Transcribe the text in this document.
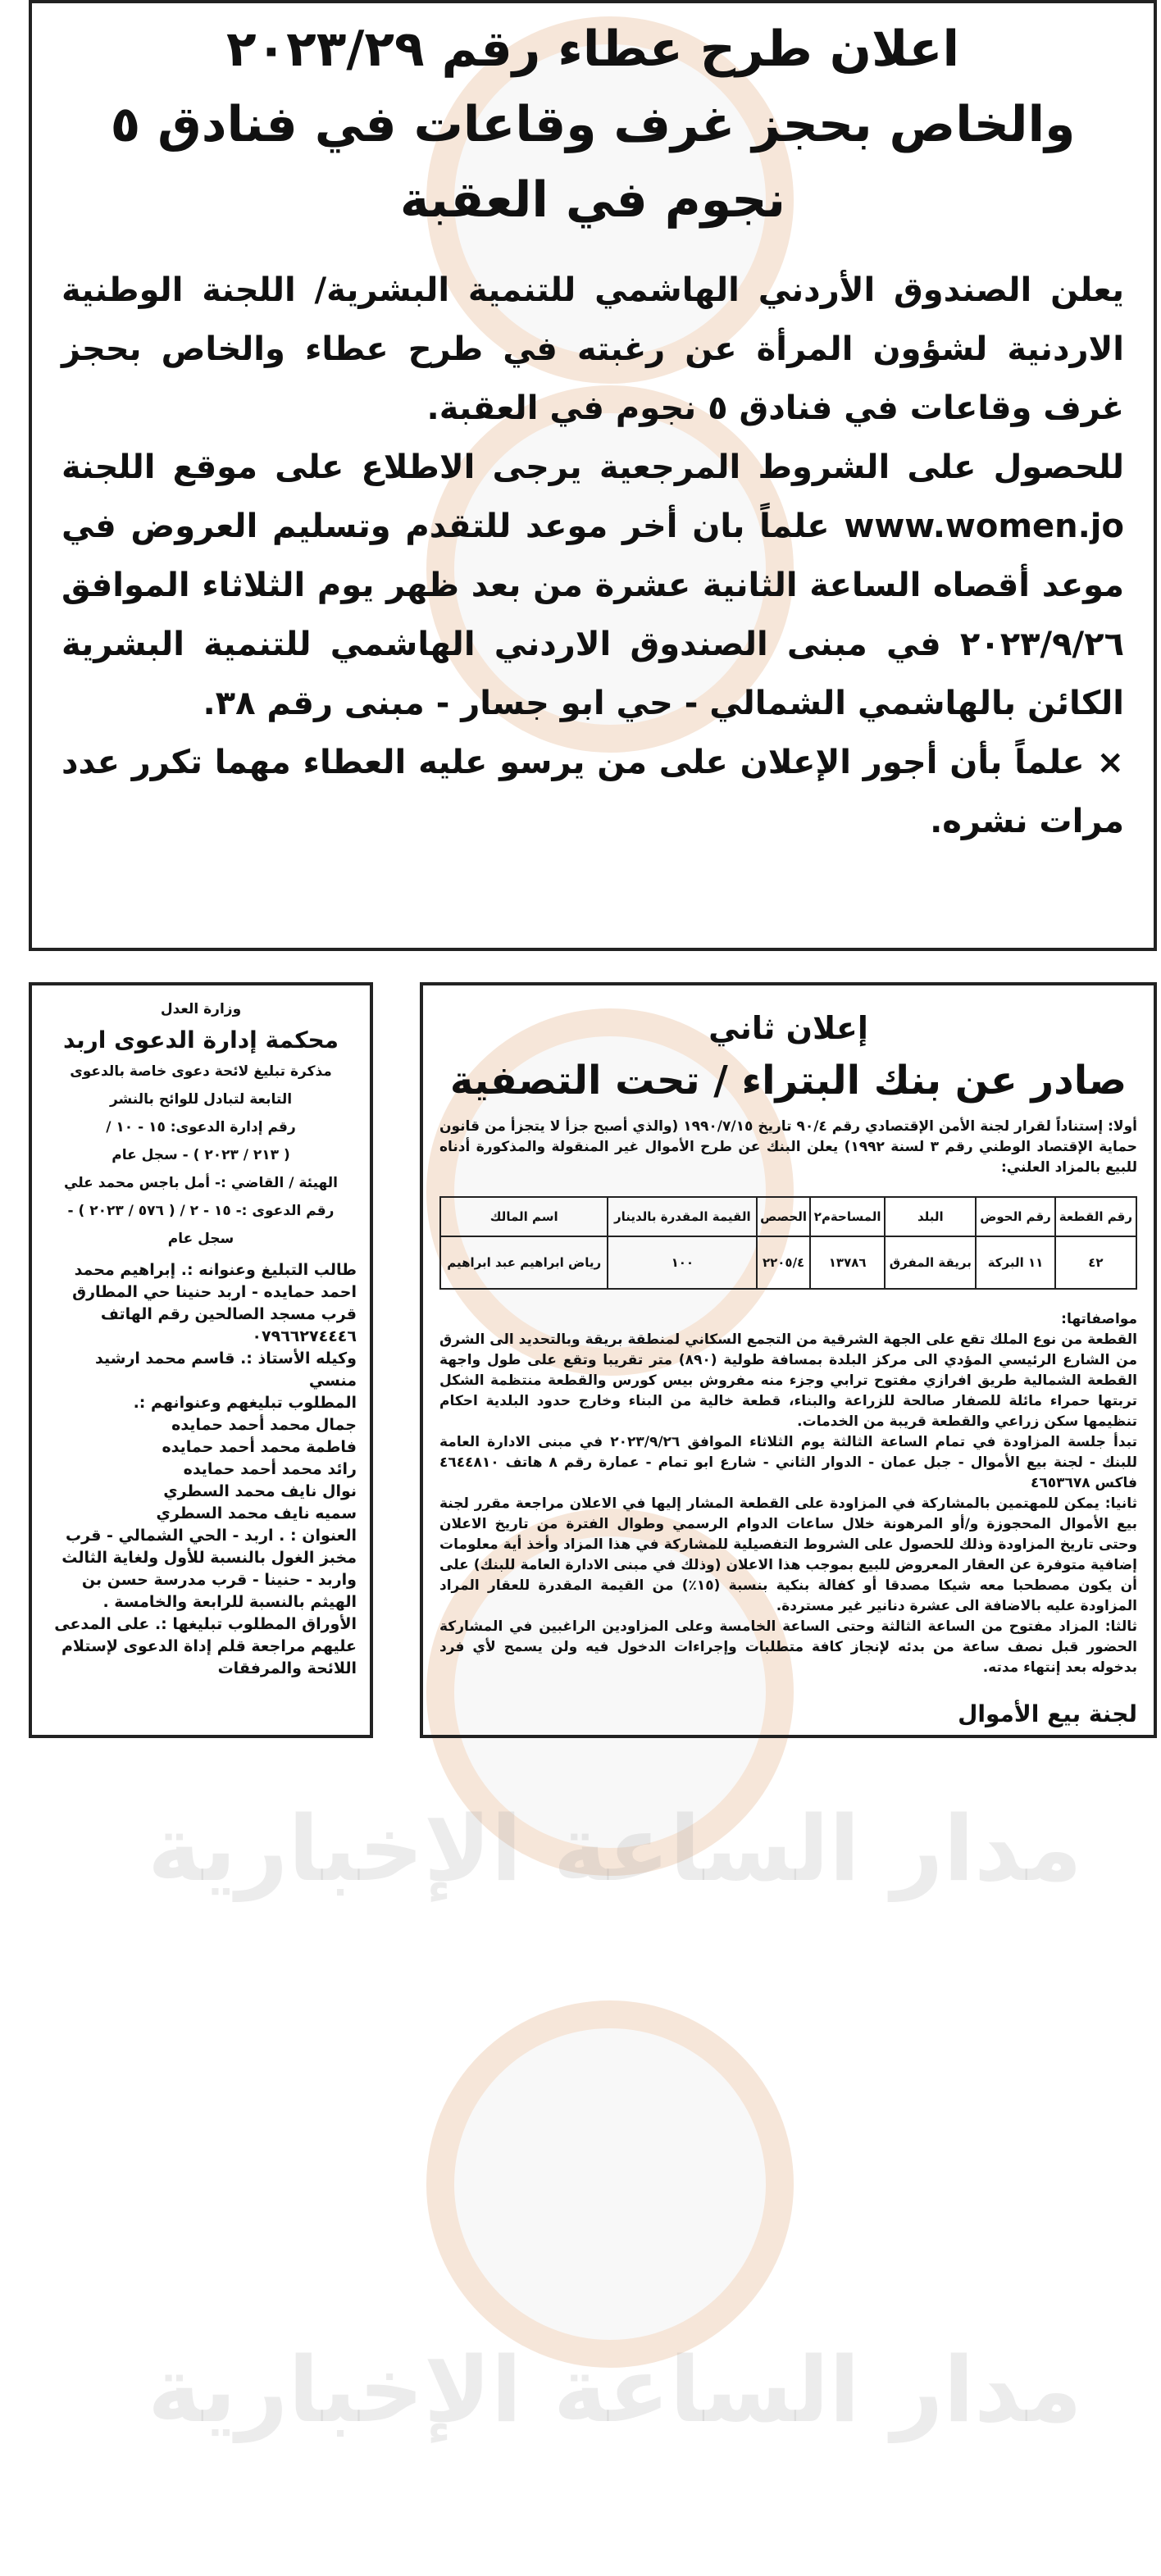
مدار الساعة الإخبارية
مدار الساعة الإخبارية
اعلان طرح عطاء رقم ٢٠٢٣/٢٩
والخاص بحجز غرف وقاعات في فنادق ٥ نجوم في العقبة

يعلن الصندوق الأردني الهاشمي للتنمية البشرية/ اللجنة الوطنية الاردنية لشؤون المرأة عن رغبته في طرح عطاء والخاص بحجز غرف وقاعات في فنادق ٥ نجوم في العقبة.

للحصول على الشروط المرجعية يرجى الاطلاع على موقع اللجنة www.women.jo علماً بان أخر موعد للتقدم وتسليم العروض في موعد أقصاه الساعة الثانية عشرة من بعد ظهر يوم الثلاثاء الموافق ٢٠٢٣/٩/٢٦ في مبنى الصندوق الاردني الهاشمي للتنمية البشرية الكائن بالهاشمي الشمالي - حي ابو جسار - مبنى رقم ٣٨.

× علماً بأن أجور الإعلان على من يرسو عليه العطاء مهما تكرر عدد مرات نشره.

وزارة العدل

محكمة إدارة الدعوى اربد

مذكرة تبليغ لائحة دعوى خاصة بالدعوى

التابعة لتبادل للوائح بالنشر

رقم إدارة الدعوى: ١٥ - ١٠ /

( ٢١٣ / ٢٠٢٣ ) - سجل عام

الهيئة / القاضي :- أمل باجس محمد علي

رقم الدعوى :- ١٥ - ٢ / ( ٥٧٦ / ٢٠٢٣ ) -

سجل عام

طالب التبليغ وعنوانه :. إبراهيم محمد احمد حمايده - اربد حنينا حي المطارق قرب مسجد الصالحين رقم الهاتف ٠٧٩٦٦٢٧٤٤٤٦

وكيله الأستاذ :. قاسم محمد ارشيد منسي

المطلوب تبليغهم وعنوانهم :.

جمال محمد أحمد حمايده

فاطمة محمد أحمد حمايده

رائد محمد أحمد حمايده

نوال نايف محمد السطري

سميه نايف محمد السطري

العنوان : . اربد - الحي الشمالي - قرب مخبز الغول بالنسبة للأول ولغاية الثالث واربد - حنينا - قرب مدرسة حسن بن الهيثم بالنسبة للرابعة والخامسة .

الأوراق المطلوب تبليغها :. على المدعى عليهم مراجعة قلم إداة الدعوى لإستلام اللائحة والمرفقات

إعلان ثاني
صادر عن بنك البتراء / تحت التصفية

أولا: إستناداً لقرار لجنة الأمن الإقتصادي رقم ٩٠/٤ تاريخ ١٩٩٠/٧/١٥ (والذي أصبح جزأ لا يتجزأ من قانون حماية الإقتصاد الوطني رقم ٣ لسنة ١٩٩٢) يعلن البنك عن طرح الأموال غير المنقولة والمذكورة أدناه للبيع بالمزاد العلني:

رقم القطعة	رقم الحوض	البلد	المساحةم٢	الحصص	القيمة المقدرة بالدينار	اسم المالك
٤٢	١١ البركة	بريقة المفرق	١٣٧٨٦	٢٢٠٥/٤	١٠٠	رياض ابراهيم عبد ابراهيم

مواصفاتها:

القطعة من نوع الملك تقع على الجهة الشرقية من التجمع السكاني لمنطقة بريقة وبالتحديد الى الشرق من الشارع الرئيسي المؤدي الى مركز البلدة بمسافة طولية (٨٩٠) متر تقريبا وتقع على طول واجهة القطعة الشمالية طريق افرازي مفتوح ترابي وجزء منه مفروش بيس كورس والقطعة منتظمة الشكل تربتها حمراء مائلة للصفار صالحة للزراعة والبناء، قطعة خالية من البناء وخارج حدود البلدية احكام تنظيمها سكن زراعي والقطعة قريبة من الخدمات.

تبدأ جلسة المزاودة في تمام الساعة الثالثة يوم الثلاثاء الموافق ٢٠٢٣/٩/٢٦ في مبنى الادارة العامة للبنك - لجنة بيع الأموال - جبل عمان - الدوار الثاني - شارع ابو تمام - عمارة رقم ٨ هاتف ٤٦٤٤٨١٠ فاكس ٤٦٥٣٦٧٨

ثانيا: يمكن للمهتمين بالمشاركة في المزاودة على القطعة المشار إليها في الاعلان مراجعة مقرر لجنة بيع الأموال المحجوزة و/أو المرهونة خلال ساعات الدوام الرسمي وطوال الفترة من تاريخ الاعلان وحتى تاريخ المزاودة وذلك للحصول على الشروط التفصيلية للمشاركة في هذا المزاد وأخذ أية معلومات إضافية متوفرة عن العقار المعروض للبيع بموجب هذا الاعلان (وذلك في مبنى الادارة العامة للبنك) على أن يكون مصطحبا معه شيكا مصدقا أو كفالة بنكية بنسبة (١٥٪) من القيمة المقدرة للعقار المراد المزاودة عليه بالاضافة الى عشرة دنانير غير مستردة.

ثالثا: المزاد مفتوح من الساعة الثالثة وحتى الساعة الخامسة وعلى المزاودين الراغبين في المشاركة الحضور قبل نصف ساعة من بدئه لإنجاز كافة متطلبات وإجراءات الدخول فيه ولن يسمح لأي فرد بدخوله بعد إنتهاء مدته.

لجنة بيع الأموال
